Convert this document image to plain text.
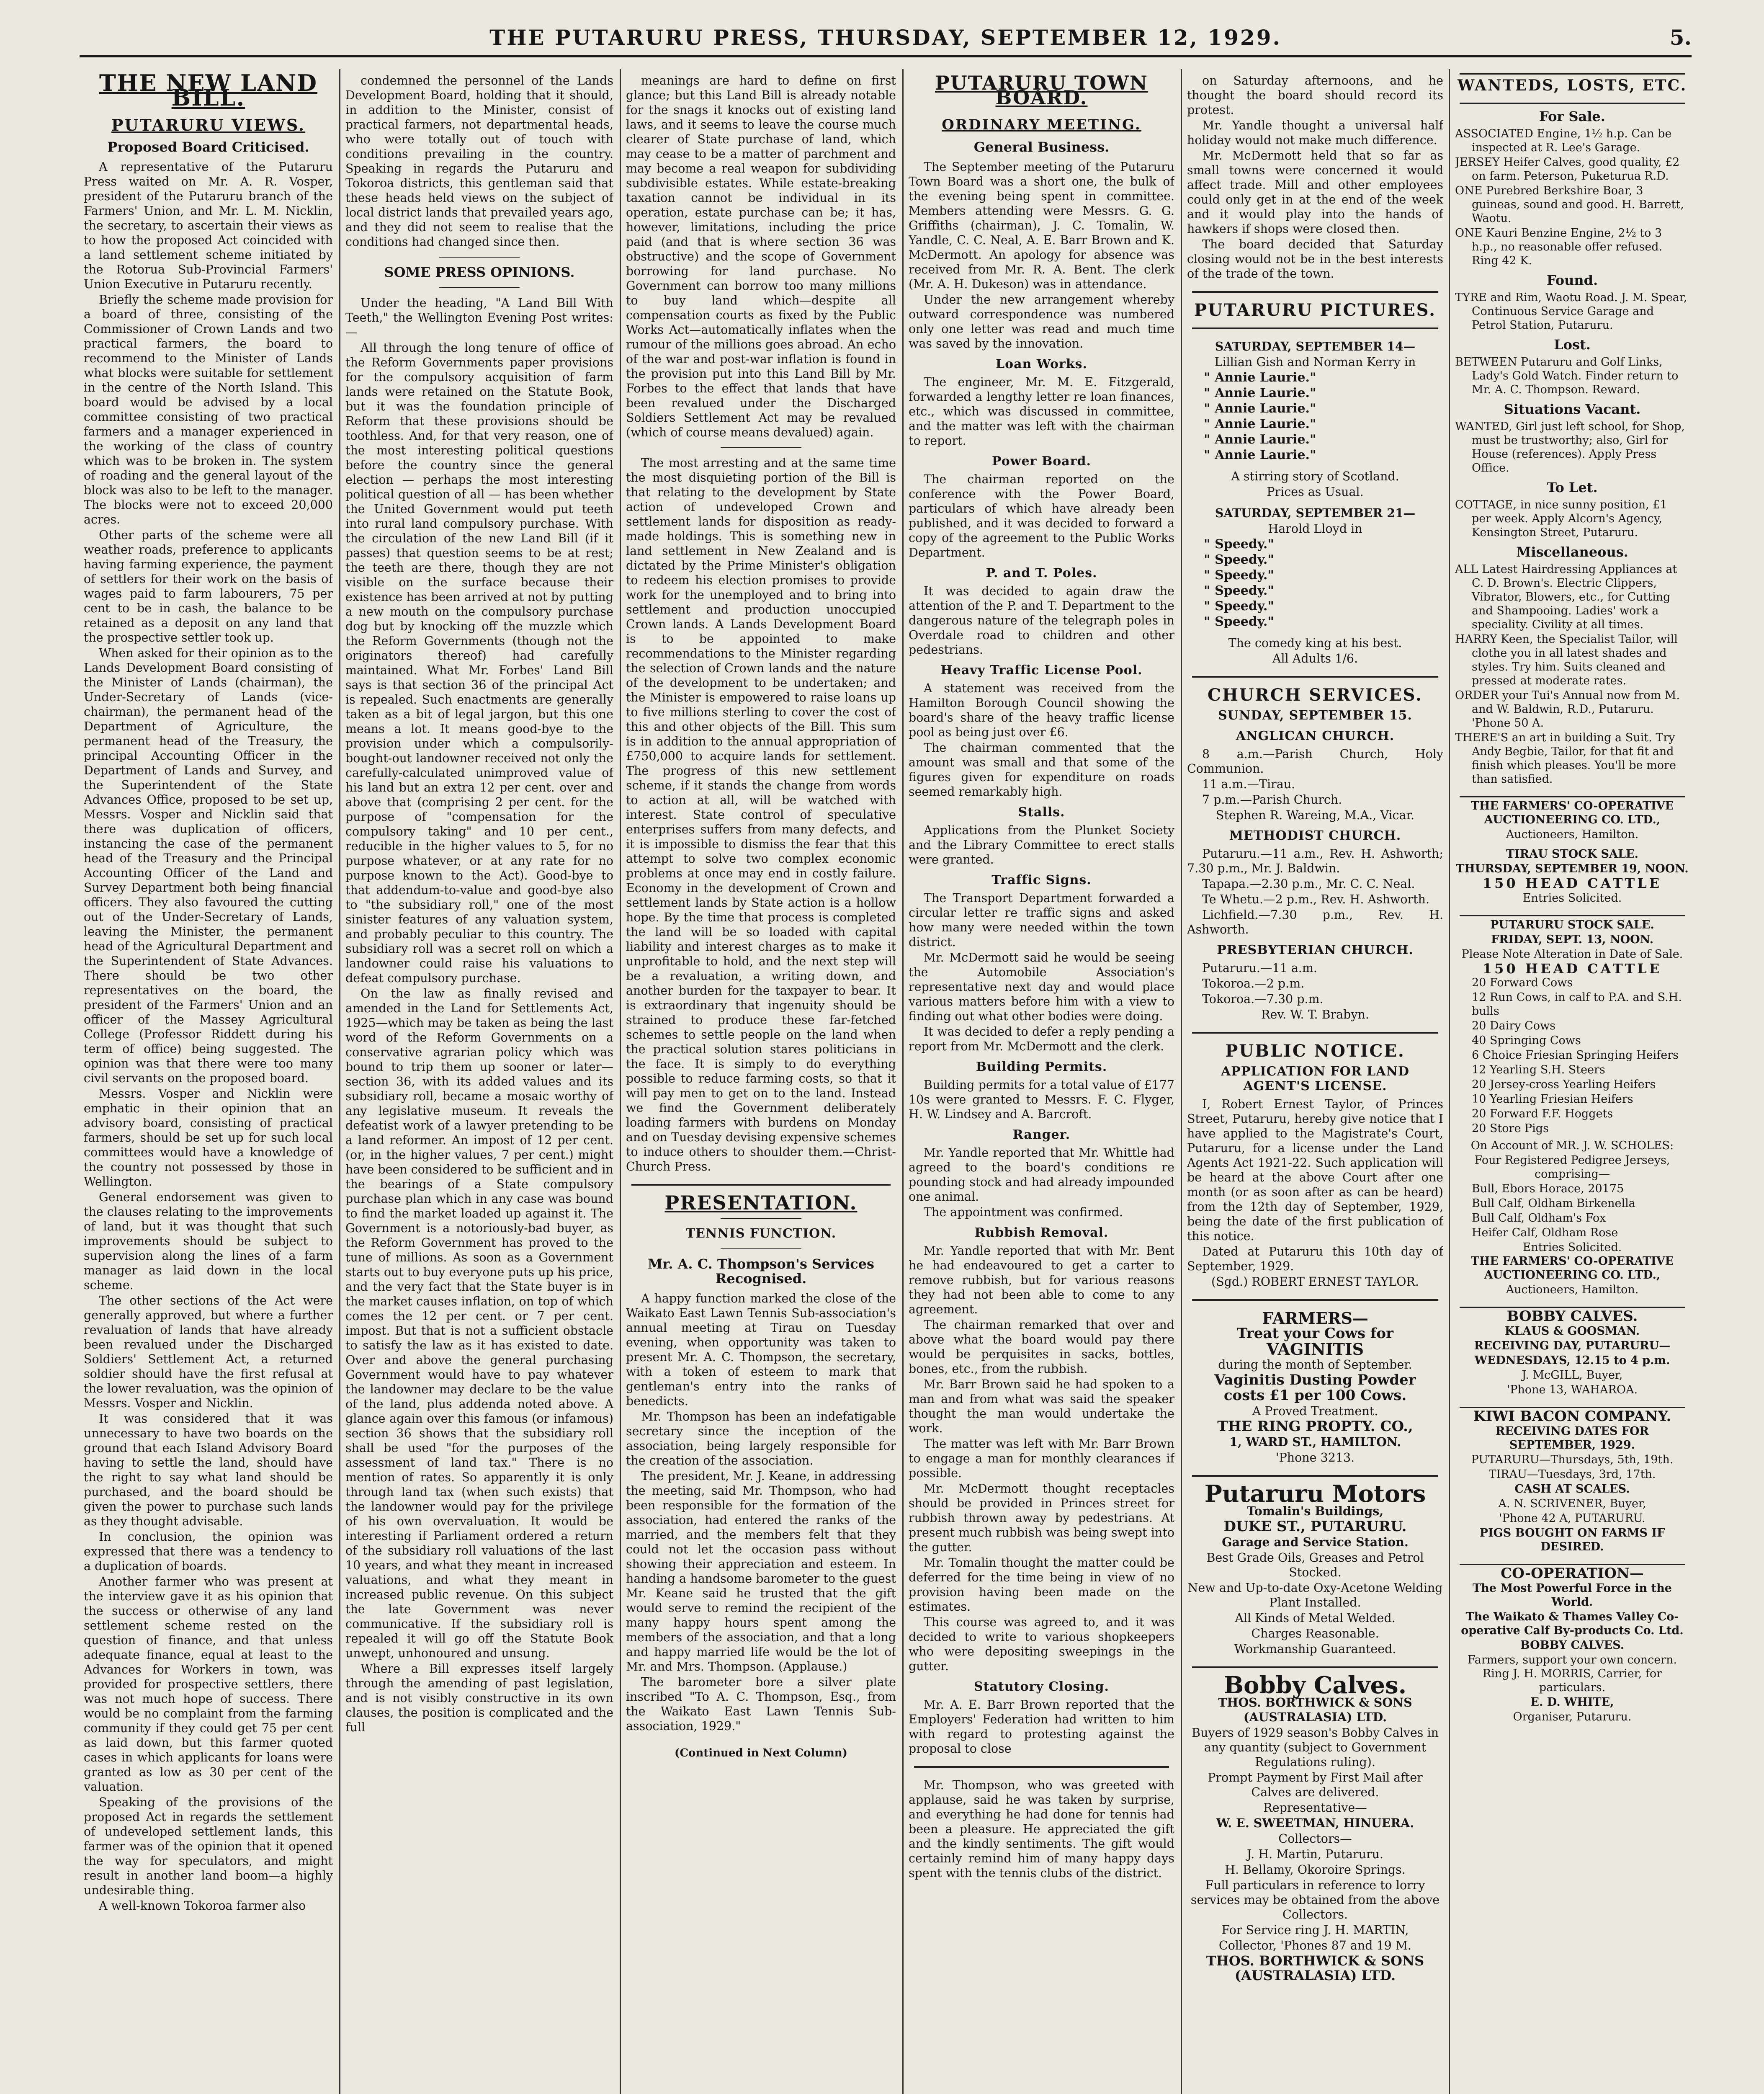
THE PUTARURU PRESS, THURSDAY, SEPTEMBER 12, 1929.	5.
THE NEW LAND BILL.
PUTARURU VIEWS.
Proposed Board Criticised.

A representative of the Putaruru Press waited on Mr. A. R. Vosper, president of the Putaruru branch of the Farmers' Union, and Mr. L. M. Nicklin, the secretary, to ascertain their views as to how the proposed Act coincided with a land settlement scheme initiated by the Rotorua Sub-Provincial Farmers' Union Executive in Putaruru recently.

Briefly the scheme made provision for a board of three, consisting of the Commissioner of Crown Lands and two practical farmers, the board to recommend to the Minister of Lands what blocks were suitable for settlement in the centre of the North Island. This board would be advised by a local committee consisting of two practical farmers and a manager experienced in the working of the class of country which was to be broken in. The system of roading and the general layout of the block was also to be left to the manager. The blocks were not to exceed 20,000 acres.

Other parts of the scheme were all weather roads, preference to applicants having farming experience, the payment of settlers for their work on the basis of wages paid to farm labourers, 75 per cent to be in cash, the balance to be retained as a deposit on any land that the prospective settler took up.

When asked for their opinion as to the Lands Development Board consisting of the Minister of Lands (chairman), the Under-Secretary of Lands (vice-chairman), the permanent head of the Department of Agriculture, the permanent head of the Treasury, the principal Accounting Officer in the Department of Lands and Survey, and the Superintendent of the State Advances Office, proposed to be set up, Messrs. Vosper and Nicklin said that there was duplication of officers, instancing the case of the permanent head of the Treasury and the Principal Accounting Officer of the Land and Survey Department both being financial officers. They also favoured the cutting out of the Under-Secretary of Lands, leaving the Minister, the permanent head of the Agricultural Department and the Superintendent of State Advances. There should be two other representatives on the board, the president of the Farmers' Union and an officer of the Massey Agricultural College (Professor Riddett during his term of office) being suggested. The opinion was that there were too many civil servants on the proposed board.

Messrs. Vosper and Nicklin were emphatic in their opinion that an advisory board, consisting of practical farmers, should be set up for such local committees would have a knowledge of the country not possessed by those in Wellington.

General endorsement was given to the clauses relating to the improvements of land, but it was thought that such improvements should be subject to supervision along the lines of a farm manager as laid down in the local scheme.

The other sections of the Act were generally approved, but where a further revaluation of lands that have already been revalued under the Discharged Soldiers' Settlement Act, a returned soldier should have the first refusal at the lower revaluation, was the opinion of Messrs. Vosper and Nicklin.

It was considered that it was unnecessary to have two boards on the ground that each Island Advisory Board having to settle the land, should have the right to say what land should be purchased, and the board should be given the power to purchase such lands as they thought advisable.

In conclusion, the opinion was expressed that there was a tendency to a duplication of boards.

Another farmer who was present at the interview gave it as his opinion that the success or otherwise of any land settlement scheme rested on the question of finance, and that unless adequate finance, equal at least to the Advances for Workers in town, was provided for prospective settlers, there was not much hope of success. There would be no complaint from the farming community if they could get 75 per cent as laid down, but this farmer quoted cases in which applicants for loans were granted as low as 30 per cent of the valuation.

Speaking of the provisions of the proposed Act in regards the settlement of undeveloped settlement lands, this farmer was of the opinion that it opened the way for speculators, and might result in another land boom—a highly undesirable thing.

A well-known Tokoroa farmer also

condemned the personnel of the Lands Development Board, holding that it should, in addition to the Minister, consist of practical farmers, not departmental heads, who were totally out of touch with conditions prevailing in the country. Speaking in regards the Putaruru and Tokoroa districts, this gentleman said that these heads held views on the subject of local district lands that prevailed years ago, and they did not seem to realise that the conditions had changed since then.

SOME PRESS OPINIONS.

Under the heading, "A Land Bill With Teeth," the Wellington Evening Post writes:—

All through the long tenure of office of the Reform Governments paper provisions for the compulsory acquisition of farm lands were retained on the Statute Book, but it was the foundation principle of Reform that these provisions should be toothless. And, for that very reason, one of the most interesting political questions before the country since the general election — perhaps the most interesting political question of all — has been whether the United Government would put teeth into rural land compulsory purchase. With the circulation of the new Land Bill (if it passes) that question seems to be at rest; the teeth are there, though they are not visible on the surface because their existence has been arrived at not by putting a new mouth on the compulsory purchase dog but by knocking off the muzzle which the Reform Governments (though not the originators thereof) had carefully maintained. What Mr. Forbes' Land Bill says is that section 36 of the principal Act is repealed. Such enactments are generally taken as a bit of legal jargon, but this one means a lot. It means good-bye to the provision under which a compulsorily-bought-out landowner received not only the carefully-calculated unimproved value of his land but an extra 12 per cent. over and above that (comprising 2 per cent. for the purpose of "compensation for the compulsory taking" and 10 per cent., reducible in the higher values to 5, for no purpose whatever, or at any rate for no purpose known to the Act). Good-bye to that addendum-to-value and good-bye also to "the subsidiary roll," one of the most sinister features of any valuation system, and probably peculiar to this country. The subsidiary roll was a secret roll on which a landowner could raise his valuations to defeat compulsory purchase.

On the law as finally revised and amended in the Land for Settlements Act, 1925—which may be taken as being the last word of the Reform Governments on a conservative agrarian policy which was bound to trip them up sooner or later—section 36, with its added values and its subsidiary roll, became a mosaic worthy of any legislative museum. It reveals the defeatist work of a lawyer pretending to be a land reformer. An impost of 12 per cent. (or, in the higher values, 7 per cent.) might have been considered to be sufficient and in the bearings of a State compulsory purchase plan which in any case was bound to find the market loaded up against it. The Government is a notoriously-bad buyer, as the Reform Government has proved to the tune of millions. As soon as a Government starts out to buy everyone puts up his price, and the very fact that the State buyer is in the market causes inflation, on top of which comes the 12 per cent. or 7 per cent. impost. But that is not a sufficient obstacle to satisfy the law as it has existed to date. Over and above the general purchasing Government would have to pay whatever the landowner may declare to be the value of the land, plus addenda noted above. A glance again over this famous (or infamous) section 36 shows that the subsidiary roll shall be used "for the purposes of the assessment of land tax." There is no mention of rates. So apparently it is only through land tax (when such exists) that the landowner would pay for the privilege of his own overvaluation. It would be interesting if Parliament ordered a return of the subsidiary roll valuations of the last 10 years, and what they meant in increased valuations, and what they meant in increased public revenue. On this subject the late Government was never communicative. If the subsidiary roll is repealed it will go off the Statute Book unwept, unhonoured and unsung.

Where a Bill expresses itself largely through the amending of past legislation, and is not visibly constructive in its own clauses, the position is complicated and the full

meanings are hard to define on first glance; but this Land Bill is already notable for the snags it knocks out of existing land laws, and it seems to leave the course much clearer of State purchase of land, which may cease to be a matter of parchment and may become a real weapon for subdividing subdivisible estates. While estate-breaking taxation cannot be individual in its operation, estate purchase can be; it has, however, limitations, including the price paid (and that is where section 36 was obstructive) and the scope of Government borrowing for land purchase. No Government can borrow too many millions to buy land which—despite all compensation courts as fixed by the Public Works Act—automatically inflates when the rumour of the millions goes abroad. An echo of the war and post-war inflation is found in the provision put into this Land Bill by Mr. Forbes to the effect that lands that have been revalued under the Discharged Soldiers Settlement Act may be revalued (which of course means devalued) again.

The most arresting and at the same time the most disquieting portion of the Bill is that relating to the development by State action of undeveloped Crown and settlement lands for disposition as ready-made holdings. This is something new in land settlement in New Zealand and is dictated by the Prime Minister's obligation to redeem his election promises to provide work for the unemployed and to bring into settlement and production unoccupied Crown lands. A Lands Development Board is to be appointed to make recommendations to the Minister regarding the selection of Crown lands and the nature of the development to be undertaken; and the Minister is empowered to raise loans up to five millions sterling to cover the cost of this and other objects of the Bill. This sum is in addition to the annual appropriation of £750,000 to acquire lands for settlement. The progress of this new settlement scheme, if it stands the change from words to action at all, will be watched with interest. State control of speculative enterprises suffers from many defects, and it is impossible to dismiss the fear that this attempt to solve two complex economic problems at once may end in costly failure. Economy in the development of Crown and settlement lands by State action is a hollow hope. By the time that process is completed the land will be so loaded with capital liability and interest charges as to make it unprofitable to hold, and the next step will be a revaluation, a writing down, and another burden for the taxpayer to bear. It is extraordinary that ingenuity should be strained to produce these far-fetched schemes to settle people on the land when the practical solution stares politicians in the face. It is simply to do everything possible to reduce farming costs, so that it will pay men to get on to the land. Instead we find the Government deliberately loading farmers with burdens on Monday and on Tuesday devising expensive schemes to induce others to shoulder them.—Christ-Church Press.

PRESENTATION.
TENNIS FUNCTION.
Mr. A. C. Thompson's Services Recognised.

A happy function marked the close of the Waikato East Lawn Tennis Sub-association's annual meeting at Tirau on Tuesday evening, when opportunity was taken to present Mr. A. C. Thompson, the secretary, with a token of esteem to mark that gentleman's entry into the ranks of benedicts.

Mr. Thompson has been an indefatigable secretary since the inception of the association, being largely responsible for the creation of the association.

The president, Mr. J. Keane, in addressing the meeting, said Mr. Thompson, who had been responsible for the formation of the association, had entered the ranks of the married, and the members felt that they could not let the occasion pass without showing their appreciation and esteem. In handing a handsome barometer to the guest Mr. Keane said he trusted that the gift would serve to remind the recipient of the many happy hours spent among the members of the association, and that a long and happy married life would be the lot of Mr. and Mrs. Thompson. (Applause.)

The barometer bore a silver plate inscribed "To A. C. Thompson, Esq., from the Waikato East Lawn Tennis Sub-association, 1929."

(Continued in Next Column)
PUTARURU TOWN BOARD.
ORDINARY MEETING.
General Business.

The September meeting of the Putaruru Town Board was a short one, the bulk of the evening being spent in committee. Members attending were Messrs. G. G. Griffiths (chairman), J. C. Tomalin, W. Yandle, C. C. Neal, A. E. Barr Brown and K. McDermott. An apology for absence was received from Mr. R. A. Bent. The clerk (Mr. A. H. Dukeson) was in attendance.

Under the new arrangement whereby outward correspondence was numbered only one letter was read and much time was saved by the innovation.

Loan Works.

The engineer, Mr. M. E. Fitzgerald, forwarded a lengthy letter re loan finances, etc., which was discussed in committee, and the matter was left with the chairman to report.

Power Board.

The chairman reported on the conference with the Power Board, particulars of which have already been published, and it was decided to forward a copy of the agreement to the Public Works Department.

P. and T. Poles.

It was decided to again draw the attention of the P. and T. Department to the dangerous nature of the telegraph poles in Overdale road to children and other pedestrians.

Heavy Traffic License Pool.

A statement was received from the Hamilton Borough Council showing the board's share of the heavy traffic license pool as being just over £6.

The chairman commented that the amount was small and that some of the figures given for expenditure on roads seemed remarkably high.

Stalls.

Applications from the Plunket Society and the Library Committee to erect stalls were granted.

Traffic Signs.

The Transport Department forwarded a circular letter re traffic signs and asked how many were needed within the town district.

Mr. McDermott said he would be seeing the Automobile Association's representative next day and would place various matters before him with a view to finding out what other bodies were doing.

It was decided to defer a reply pending a report from Mr. McDermott and the clerk.

Building Permits.

Building permits for a total value of £177 10s were granted to Messrs. F. C. Flyger, H. W. Lindsey and A. Barcroft.

Ranger.

Mr. Yandle reported that Mr. Whittle had agreed to the board's conditions re pounding stock and had already impounded one animal.

The appointment was confirmed.

Rubbish Removal.

Mr. Yandle reported that with Mr. Bent he had endeavoured to get a carter to remove rubbish, but for various reasons they had not been able to come to any agreement.

The chairman remarked that over and above what the board would pay there would be perquisites in sacks, bottles, bones, etc., from the rubbish.

Mr. Barr Brown said he had spoken to a man and from what was said the speaker thought the man would undertake the work.

The matter was left with Mr. Barr Brown to engage a man for monthly clearances if possible.

Mr. McDermott thought receptacles should be provided in Princes street for rubbish thrown away by pedestrians. At present much rubbish was being swept into the gutter.

Mr. Tomalin thought the matter could be deferred for the time being in view of no provision having been made on the estimates.

This course was agreed to, and it was decided to write to various shopkeepers who were depositing sweepings in the gutter.

Statutory Closing.

Mr. A. E. Barr Brown reported that the Employers' Federation had written to him with regard to protesting against the proposal to close

Mr. Thompson, who was greeted with applause, said he was taken by surprise, and everything he had done for tennis had been a pleasure. He appreciated the gift and the kindly sentiments. The gift would certainly remind him of many happy days spent with the tennis clubs of the district.

on Saturday afternoons, and he thought the board should record its protest.

Mr. Yandle thought a universal half holiday would not make much difference.

Mr. McDermott held that so far as small towns were concerned it would affect trade. Mill and other employees could only get in at the end of the week and it would play into the hands of hawkers if shops were closed then.

The board decided that Saturday closing would not be in the best interests of the trade of the town.

PUTARURU PICTURES.

SATURDAY, SEPTEMBER 14—

Lillian Gish and Norman Kerry in

" Annie Laurie."

" Annie Laurie."

" Annie Laurie."

" Annie Laurie."

" Annie Laurie."

" Annie Laurie."

A stirring story of Scotland.

Prices as Usual.

SATURDAY, SEPTEMBER 21—

Harold Lloyd in

" Speedy."

" Speedy."

" Speedy."

" Speedy."

" Speedy."

" Speedy."

The comedy king at his best.

All Adults 1/6.

CHURCH SERVICES.
SUNDAY, SEPTEMBER 15.
ANGLICAN CHURCH.

8 a.m.—Parish Church, Holy Communion.

11 a.m.—Tirau.

7 p.m.—Parish Church.

Stephen R. Wareing, M.A., Vicar.

METHODIST CHURCH.

Putaruru.—11 a.m., Rev. H. Ashworth; 7.30 p.m., Mr. J. Baldwin.

Tapapa.—2.30 p.m., Mr. C. C. Neal.

Te Whetu.—2 p.m., Rev. H. Ashworth.

Lichfield.—7.30 p.m., Rev. H. Ashworth.

PRESBYTERIAN CHURCH.

Putaruru.—11 a.m.

Tokoroa.—2 p.m.

Tokoroa.—7.30 p.m.

Rev. W. T. Brabyn.

PUBLIC NOTICE.
APPLICATION FOR LAND AGENT'S LICENSE.

I, Robert Ernest Taylor, of Princes Street, Putaruru, hereby give notice that I have applied to the Magistrate's Court, Putaruru, for a license under the Land Agents Act 1921-22. Such application will be heard at the above Court after one month (or as soon after as can be heard) from the 12th day of September, 1929, being the date of the first publication of this notice.

Dated at Putaruru this 10th day of September, 1929.

(Sgd.) ROBERT ERNEST TAYLOR.

FARMERS—

Treat your Cows for

VAGINITIS

during the month of September.

Vaginitis Dusting Powder

costs £1 per 100 Cows.

A Proved Treatment.

THE RING PROPTY. CO.,

1, WARD ST., HAMILTON.

'Phone 3213.

Putaruru Motors

Tomalin's Buildings,

DUKE ST., PUTARURU.

Garage and Service Station.

Best Grade Oils, Greases and Petrol Stocked.

New and Up-to-date Oxy-Acetone Welding Plant Installed.

All Kinds of Metal Welded.

Charges Reasonable.

Workmanship Guaranteed.

Bobby Calves.

THOS. BORTHWICK & SONS (AUSTRALASIA) LTD.

Buyers of 1929 season's Bobby Calves in any quantity (subject to Government Regulations ruling).

Prompt Payment by First Mail after Calves are delivered.

Representative—

W. E. SWEETMAN, HINUERA.

Collectors—

J. H. Martin, Putaruru.

H. Bellamy, Okoroire Springs.

Full particulars in reference to lorry services may be obtained from the above Collectors.

For Service ring J. H. MARTIN,

Collector, 'Phones 87 and 19 M.

THOS. BORTHWICK & SONS (AUSTRALASIA) LTD.

WANTEDS, LOSTS, ETC.
For Sale.

ASSOCIATED Engine, 1½ h.p. Can be inspected at R. Lee's Garage.

JERSEY Heifer Calves, good quality, £2 on farm. Peterson, Puketurua R.D.

ONE Purebred Berkshire Boar, 3 guineas, sound and good. H. Barrett, Waotu.

ONE Kauri Benzine Engine, 2½ to 3 h.p., no reasonable offer refused. Ring 42 K.

Found.

TYRE and Rim, Waotu Road. J. M. Spear, Continuous Service Garage and Petrol Station, Putaruru.

Lost.

BETWEEN Putaruru and Golf Links, Lady's Gold Watch. Finder return to Mr. A. C. Thompson. Reward.

Situations Vacant.

WANTED, Girl just left school, for Shop, must be trustworthy; also, Girl for House (references). Apply Press Office.

To Let.

COTTAGE, in nice sunny position, £1 per week. Apply Alcorn's Agency, Kensington Street, Putaruru.

Miscellaneous.

ALL Latest Hairdressing Appliances at C. D. Brown's. Electric Clippers, Vibrator, Blowers, etc., for Cutting and Shampooing. Ladies' work a speciality. Civility at all times.

HARRY Keen, the Specialist Tailor, will clothe you in all latest shades and styles. Try him. Suits cleaned and pressed at moderate rates.

ORDER your Tui's Annual now from M. and W. Baldwin, R.D., Putaruru. 'Phone 50 A.

THERE'S an art in building a Suit. Try Andy Begbie, Tailor, for that fit and finish which pleases. You'll be more than satisfied.

THE FARMERS' CO-OPERATIVE AUCTIONEERING CO. LTD.,

Auctioneers, Hamilton.

TIRAU STOCK SALE.

THURSDAY, SEPTEMBER 19, NOON.

150 HEAD CATTLE

Entries Solicited.

PUTARURU STOCK SALE.

FRIDAY, SEPT. 13, NOON.

Please Note Alteration in Date of Sale.

150 HEAD CATTLE

20 Forward Cows

12 Run Cows, in calf to P.A. and S.H. bulls

20 Dairy Cows

40 Springing Cows

6 Choice Friesian Springing Heifers

12 Yearling S.H. Steers

20 Jersey-cross Yearling Heifers

10 Yearling Friesian Heifers

20 Forward F.F. Hoggets

20 Store Pigs

On Account of MR. J. W. SCHOLES:

Four Registered Pedigree Jerseys, comprising—

Bull, Ebors Horace, 20175

Bull Calf, Oldham Birkenella

Bull Calf, Oldham's Fox

Heifer Calf, Oldham Rose

Entries Solicited.

THE FARMERS' CO-OPERATIVE AUCTIONEERING CO. LTD.,

Auctioneers, Hamilton.

BOBBY CALVES.

KLAUS & GOOSMAN.

RECEIVING DAY, PUTARURU—

WEDNESDAYS, 12.15 to 4 p.m.

J. McGILL, Buyer,

'Phone 13, WAHAROA.

KIWI BACON COMPANY.

RECEIVING DATES FOR SEPTEMBER, 1929.

PUTARURU—Thursdays, 5th, 19th.

TIRAU—Tuesdays, 3rd, 17th.

CASH AT SCALES.

A. N. SCRIVENER, Buyer,

'Phone 42 A, PUTARURU.

PIGS BOUGHT ON FARMS IF DESIRED.

CO-OPERATION—

The Most Powerful Force in the World.

The Waikato & Thames Valley Co-operative Calf By-products Co. Ltd.

BOBBY CALVES.

Farmers, support your own concern. Ring J. H. MORRIS, Carrier, for particulars.

E. D. WHITE,

Organiser, Putaruru.
